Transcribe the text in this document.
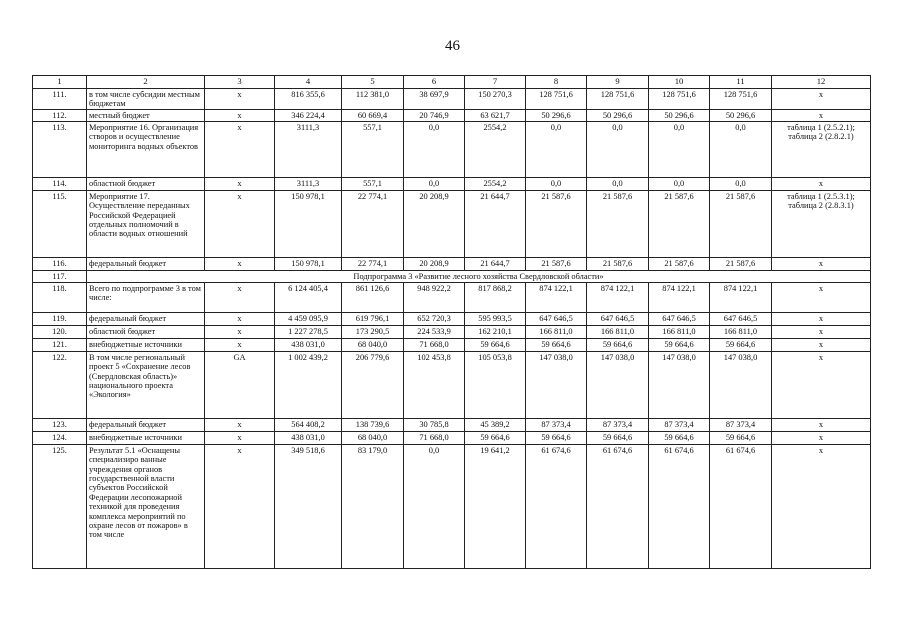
46
1	2	3	4	5	6	7	8	9	10	11	12
111.	в том числе субсидии местным бюджетам	x	816 355,6	112 381,0	38 697,9	150 270,3	128 751,6	128 751,6	128 751,6	128 751,6	x
112.	местный бюджет	x	346 224,4	60 669,4	20 746,9	63 621,7	50 296,6	50 296,6	50 296,6	50 296,6	x
113.	Мероприятие 16. Организация створов и осуществление мониторинга водных объектов	x	3111,3	557,1	0,0	2554,2	0,0	0,0	0,0	0,0	таблица 1 (2.5.2.1); таблица 2 (2.8.2.1)
114.	областной бюджет	x	3111,3	557,1	0,0	2554,2	0,0	0,0	0,0	0,0	x
115.	Мероприятие 17. Осуществление переданных Российской Федерацией отдельных полномочий в области водных отношений	x	150 978,1	22 774,1	20 208,9	21 644,7	21 587,6	21 587,6	21 587,6	21 587,6	таблица 1 (2.5.3.1); таблица 2 (2.8.3.1)
116.	федеральный бюджет	x	150 978,1	22 774,1	20 208,9	21 644,7	21 587,6	21 587,6	21 587,6	21 587,6	x
117.	Подпрограмма 3 «Развитие лесного хозяйства Свердловской области»										
118.	Всего по подпрограмме 3 в том числе:	x	6 124 405,4	861 126,6	948 922,2	817 868,2	874 122,1	874 122,1	874 122,1	874 122,1	x
119.	федеральный бюджет	x	4 459 095,9	619 796,1	652 720,3	595 993,5	647 646,5	647 646,5	647 646,5	647 646,5	x
120.	областной бюджет	x	1 227 278,5	173 290,5	224 533,9	162 210,1	166 811,0	166 811,0	166 811,0	166 811,0	x
121.	внебюджетные источники	x	438 031,0	68 040,0	71 668,0	59 664,6	59 664,6	59 664,6	59 664,6	59 664,6	x
122.	В том числе региональный проект 5 «Сохранение лесов (Свердловская область)» национального проекта «Экология»	GA	1 002 439,2	206 779,6	102 453,8	105 053,8	147 038,0	147 038,0	147 038,0	147 038,0	x
123.	федеральный бюджет	x	564 408,2	138 739,6	30 785,8	45 389,2	87 373,4	87 373,4	87 373,4	87 373,4	x
124.	внебюджетные источники	x	438 031,0	68 040,0	71 668,0	59 664,6	59 664,6	59 664,6	59 664,6	59 664,6	x
125.	Результат 5.1 «Оснащены специализиро ванные учреждения органов государственной власти субъектов Российской Федерации лесопожарной техникой для проведения комплекса мероприятий по охране лесов от пожаров» в том числе	x	349 518,6	83 179,0	0,0	19 641,2	61 674,6	61 674,6	61 674,6	61 674,6	x
